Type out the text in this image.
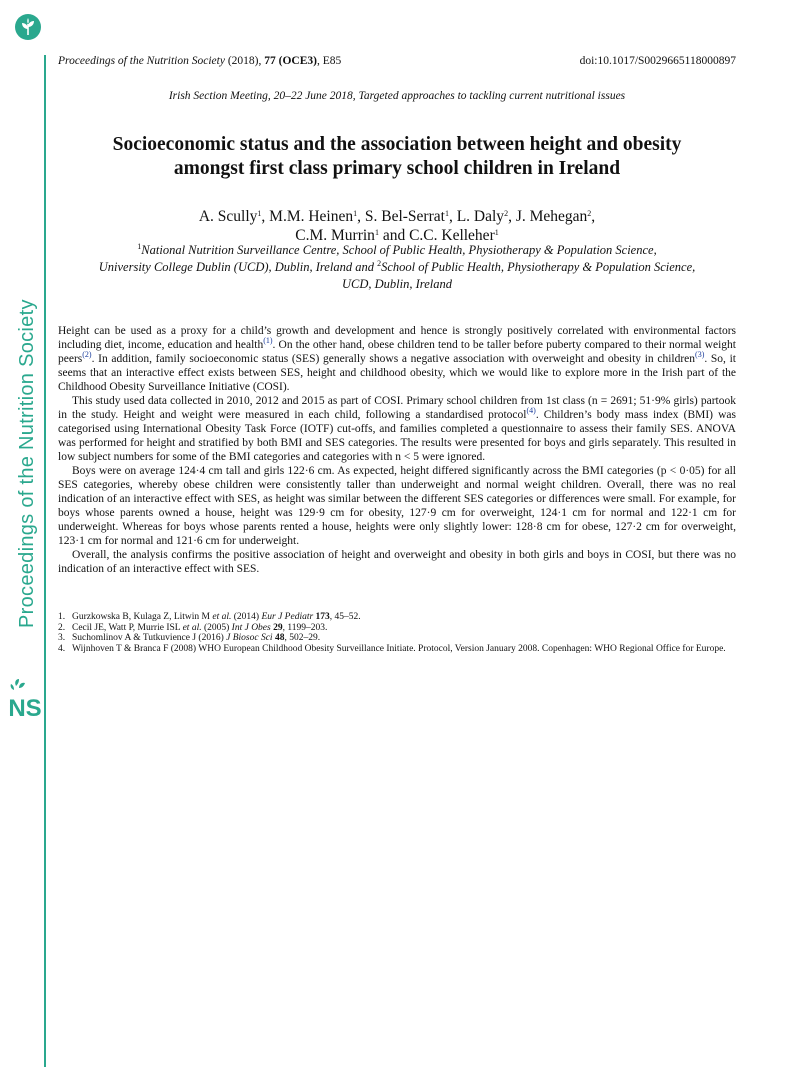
Proceedings of the Nutrition Society
NS
Proceedings of the Nutrition Society (2018), 77 (OCE3), E85	doi:10.1017/S0029665118000897
Irish Section Meeting, 20–22 June 2018, Targeted approaches to tackling current nutritional issues
Socioeconomic status and the association between height and obesity
amongst first class primary school children in Ireland
A. Scully$^1$, M.M. Heinen$^1$, S. Bel-Serrat$^1$, L. Daly$^2$, J. Mehegan$^2$,
C.M. Murrin$^1$ and C.C. Kelleher$^1$
$^1$National Nutrition Surveillance Centre, School of Public Health, Physiotherapy & Population Science,
University College Dublin (UCD), Dublin, Ireland and $^2$School of Public Health, Physiotherapy & Population Science,
UCD, Dublin, Ireland

Height can be used as a proxy for a child’s growth and development and hence is strongly positively correlated with environmental factors including diet, income, education and health$^{(1)}$. On the other hand, obese children tend to be taller before puberty compared to their normal weight peers$^{(2)}$. In addition, family socioeconomic status (SES) generally shows a negative association with overweight and obesity in children$^{(3)}$. So, it seems that an interactive effect exists between SES, height and childhood obesity, which we would like to explore more in the Irish part of the Childhood Obesity Surveillance Initiative (COSI).

This study used data collected in 2010, 2012 and 2015 as part of COSI. Primary school children from 1st class (n = 2691; 51·9% girls) partook in the study. Height and weight were measured in each child, following a standardised protocol$^{(4)}$. Children’s body mass index (BMI) was categorised using International Obesity Task Force (IOTF) cut-offs, and families completed a questionnaire to assess their family SES. ANOVA was performed for height and stratified by both BMI and SES categories. The results were presented for boys and girls separately. This resulted in low subject numbers for some of the BMI categories and categories with n < 5 were ignored.

Boys were on average 124·4 cm tall and girls 122·6 cm. As expected, height differed significantly across the BMI categories (p < 0·05) for all SES categories, whereby obese children were consistently taller than underweight and normal weight children. Overall, there was no real indication of an interactive effect with SES, as height was similar between the different SES categories or differences were small. For example, for boys whose parents owned a house, height was 129·9 cm for obesity, 127·9 cm for overweight, 124·1 cm for normal and 122·1 cm for underweight. Whereas for boys whose parents rented a house, heights were only slightly lower: 128·8 cm for obese, 127·2 cm for overweight, 123·1 cm for normal and 121·6 cm for underweight.

Overall, the analysis confirms the positive association of height and overweight and obesity in both girls and boys in COSI, but there was no indication of an interactive effect with SES.

1. Gurzkowska B, Kulaga Z, Litwin M et al. (2014) Eur J Pediatr 173, 45–52.
2. Cecil JE, Watt P, Murrie ISL et al. (2005) Int J Obes 29, 1199–203.
3. Suchomlinov A & Tutkuvience J (2016) J Biosoc Sci 48, 502–29.
4. Wijnhoven T & Branca F (2008) WHO European Childhood Obesity Surveillance Initiate. Protocol, Version January 2008. Copenhagen: WHO Regional Office for Europe.
